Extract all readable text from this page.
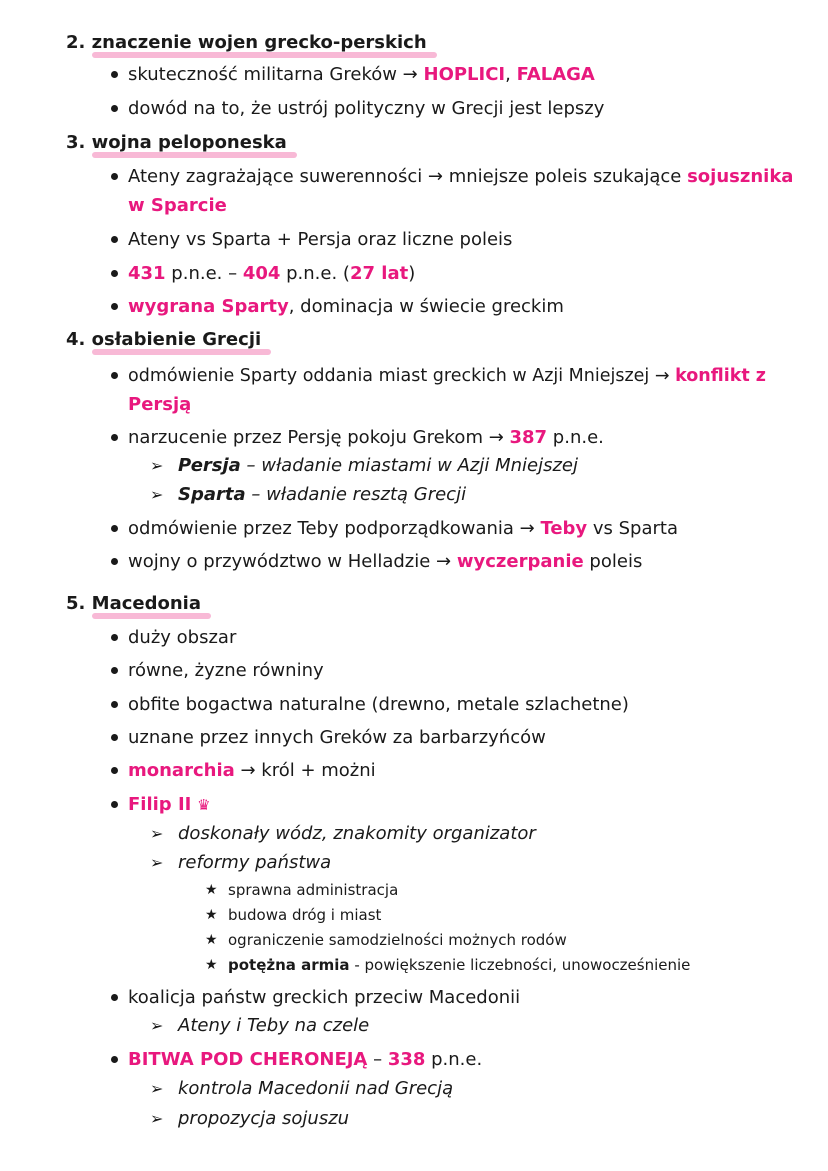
2. znaczenie wojen grecko-perskich
skuteczność militarna Greków → HOPLICI, FALAGA
dowód na to, że ustrój polityczny w Grecji jest lepszy
3. wojna peloponeska
Ateny zagrażające suwerenności → mniejsze poleis szukające sojusznika
w Sparcie
Ateny vs Sparta + Persja oraz liczne poleis
431 p.n.e. – 404 p.n.e. (27 lat)
wygrana Sparty, dominacja w świecie greckim
4. osłabienie Grecji
odmówienie Sparty oddania miast greckich w Azji Mniejszej → konflikt z
Persją
narzucenie przez Persję pokoju Grekom → 387 p.n.e.
➢ Persja – władanie miastami w Azji Mniejszej
➢ Sparta – władanie resztą Grecji
odmówienie przez Teby podporządkowania → Teby vs Sparta
wojny o przywództwo w Helladzie → wyczerpanie poleis
5. Macedonia
duży obszar
równe, żyzne równiny
obfite bogactwa naturalne (drewno, metale szlachetne)
uznane przez innych Greków za barbarzyńców
monarchia → król + możni
Filip II ♛
➢ doskonały wódz, znakomity organizator
➢ reformy państwa
★ sprawna administracja
★ budowa dróg i miast
★ ograniczenie samodzielności możnych rodów
★ potężna armia - powiększenie liczebności, unowocześnienie
koalicja państw greckich przeciw Macedonii
➢ Ateny i Teby na czele
BITWA POD CHERONEJĄ – 338 p.n.e.
➢ kontrola Macedonii nad Grecją
➢ propozycja sojuszu
